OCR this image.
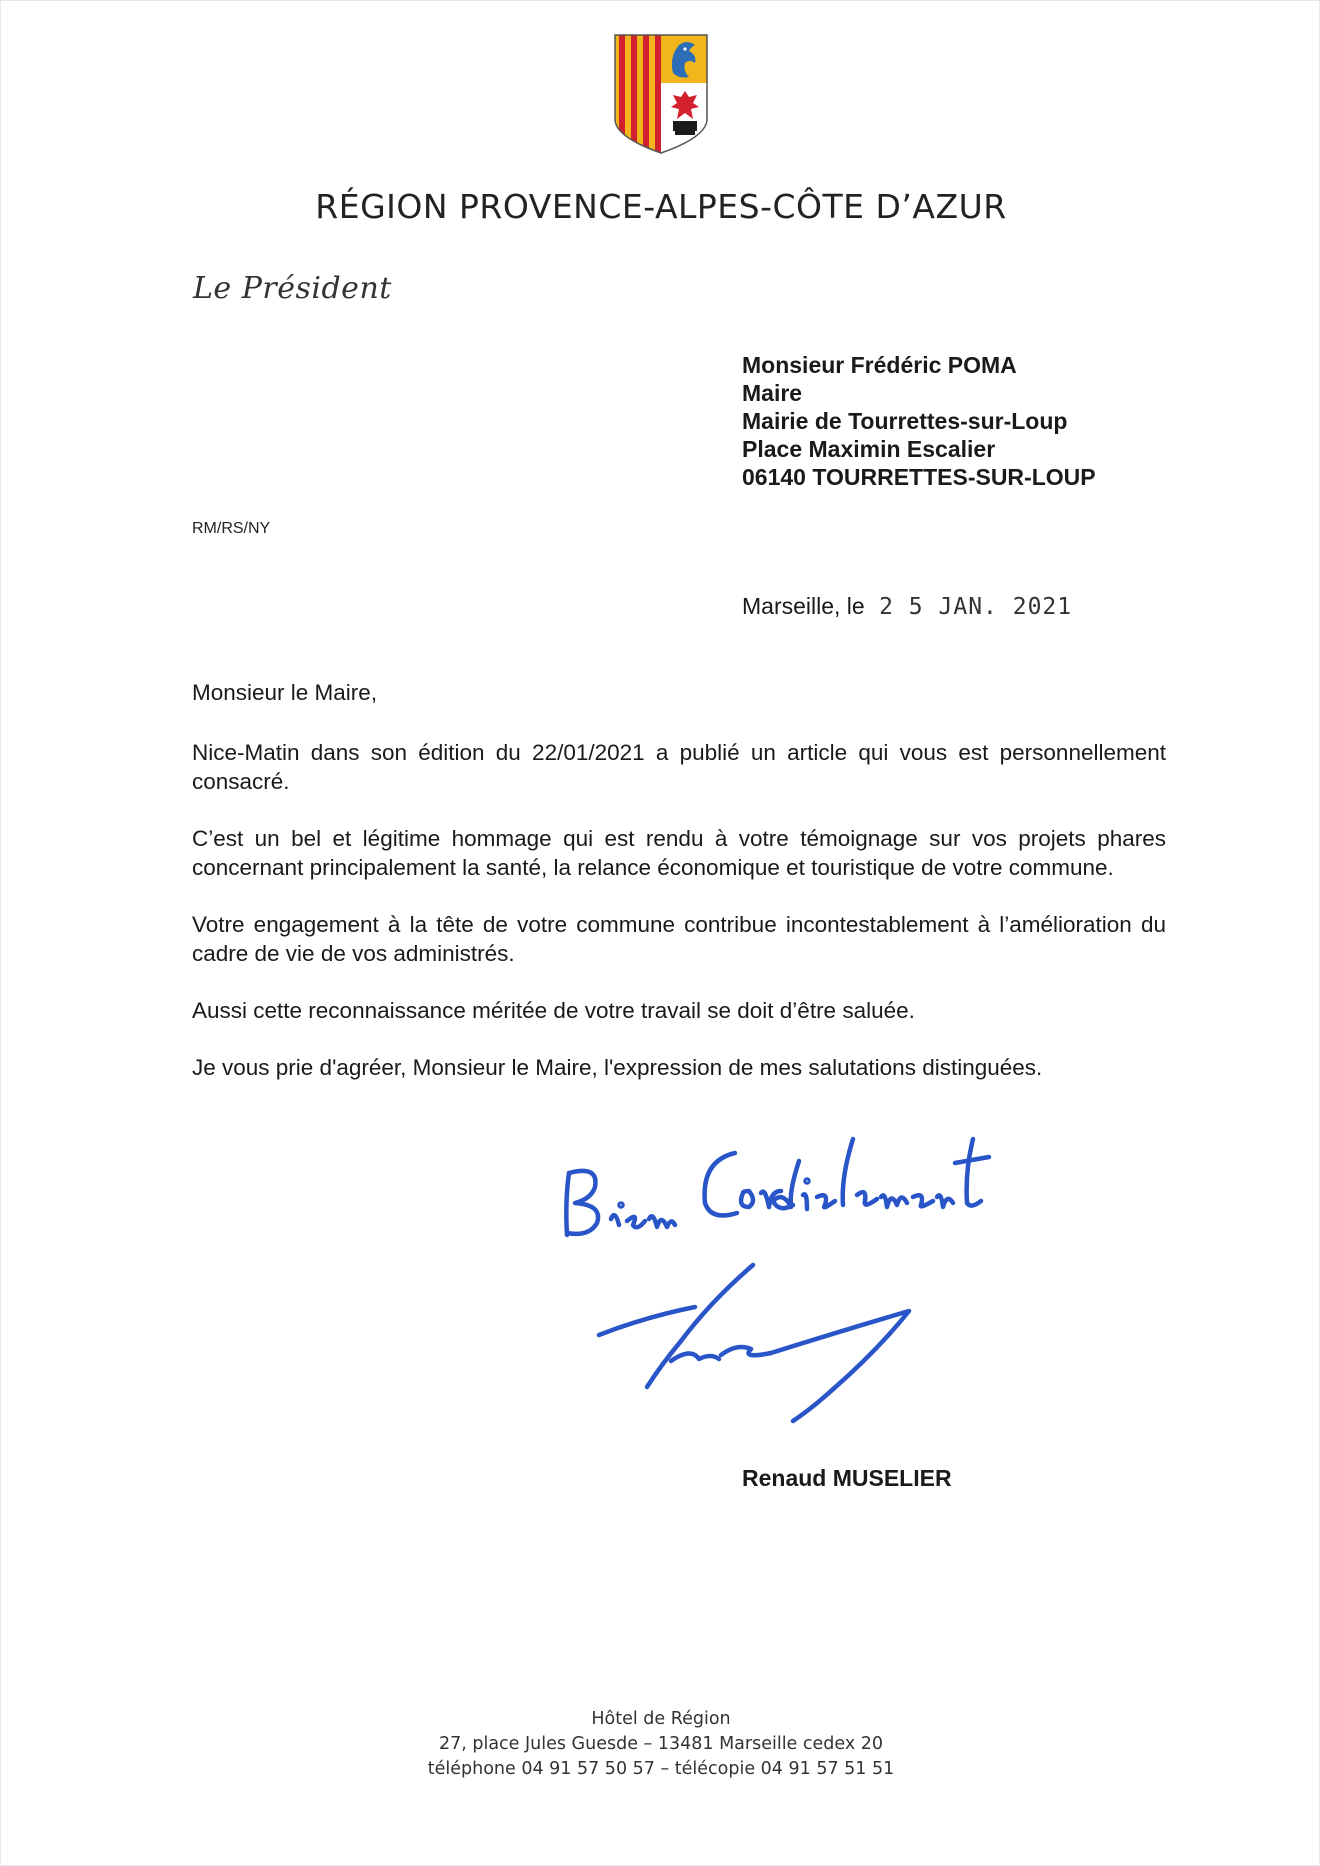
RÉGION PROVENCE-ALPES-CÔTE D’AZUR
Le Président
Monsieur Frédéric POMA
Maire
Mairie de Tourrettes-sur-Loup
Place Maximin Escalier
06140 TOURRETTES-SUR-LOUP
RM/RS/NY
Marseille, le 2 5 JAN. 2021

Monsieur le Maire,

Nice-Matin dans son édition du 22/01/2021 a publié un article qui vous est personnellement consacré.

C’est un bel et légitime hommage qui est rendu à votre témoignage sur vos projets phares concernant principalement la santé, la relance économique et touristique de votre commune.

Votre engagement à la tête de votre commune contribue incontestablement à l’amélioration du cadre de vie de vos administrés.

Aussi cette reconnaissance méritée de votre travail se doit d’être saluée.

Je vous prie d'agréer, Monsieur le Maire, l'expression de mes salutations distinguées.

Renaud MUSELIER
Hôtel de Région
27, place Jules Guesde – 13481 Marseille cedex 20
téléphone 04 91 57 50 57 – télécopie 04 91 57 51 51
